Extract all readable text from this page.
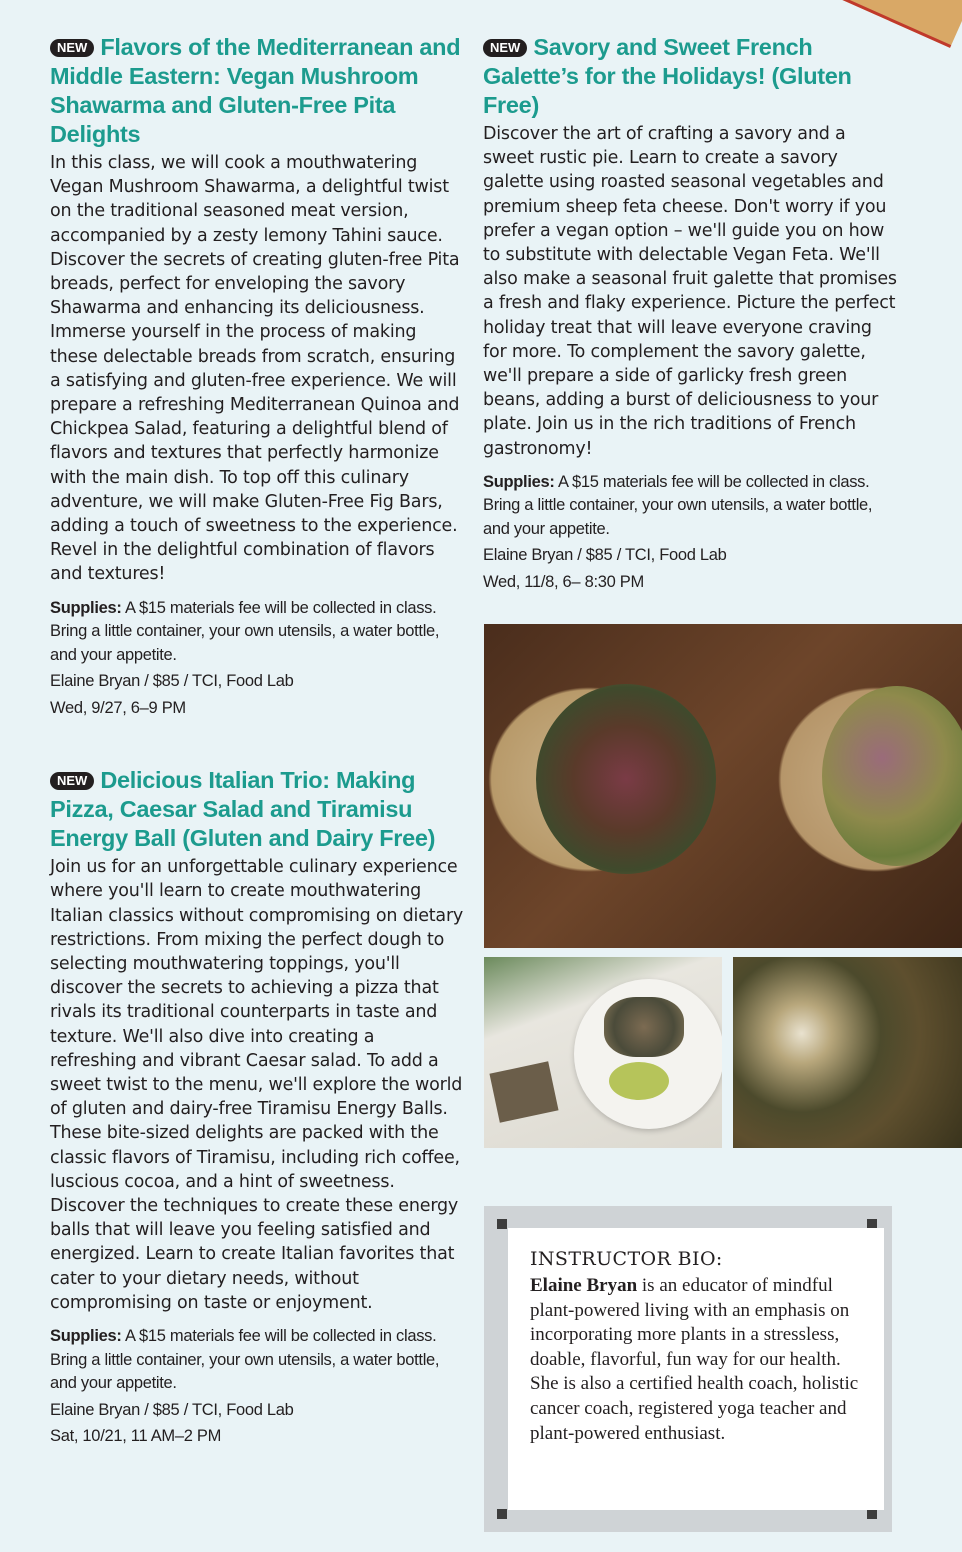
NEW Flavors of the Mediterranean and Middle Eastern: Vegan Mushroom Shawarma and Gluten-Free Pita Delights

In this class, we will cook a mouthwatering Vegan Mushroom Shawarma, a delightful twist on the traditional seasoned meat version, accompanied by a zesty lemony Tahini sauce. Discover the secrets of creating gluten-free Pita breads, perfect for enveloping the savory Shawarma and enhancing its deliciousness. Immerse yourself in the process of making these delectable breads from scratch, ensuring a satisfying and gluten-free experience. We will prepare a refreshing Mediterranean Quinoa and Chickpea Salad, featuring a delightful blend of flavors and textures that perfectly harmonize with the main dish. To top off this culinary adventure, we will make Gluten-Free Fig Bars, adding a touch of sweetness to the experience. Revel in the delightful combination of flavors and textures!

Supplies: A $15 materials fee will be collected in class. Bring a little container, your own utensils, a water bottle, and your appetite.

Elaine Bryan / $85 / TCI, Food Lab

Wed, 9/27, 6–9 PM

NEW Delicious Italian Trio: Making Pizza, Caesar Salad and Tiramisu Energy Ball (Gluten and Dairy Free)

Join us for an unforgettable culinary experience where you'll learn to create mouthwatering Italian classics without compromising on dietary restrictions. From mixing the perfect dough to selecting mouthwatering toppings, you'll discover the secrets to achieving a pizza that rivals its traditional counterparts in taste and texture. We'll also dive into creating a refreshing and vibrant Caesar salad. To add a sweet twist to the menu, we'll explore the world of gluten and dairy-free Tiramisu Energy Balls. These bite-sized delights are packed with the classic flavors of Tiramisu, including rich coffee, luscious cocoa, and a hint of sweetness. Discover the techniques to create these energy balls that will leave you feeling satisfied and energized. Learn to create Italian favorites that cater to your dietary needs, without compromising on taste or enjoyment.

Supplies: A $15 materials fee will be collected in class. Bring a little container, your own utensils, a water bottle, and your appetite.

Elaine Bryan / $85 / TCI, Food Lab

Sat, 10/21, 11 AM–2 PM

NEW Savory and Sweet French Galette’s for the Holidays! (Gluten Free)

Discover the art of crafting a savory and a sweet rustic pie. Learn to create a savory galette using roasted seasonal vegetables and premium sheep feta cheese. Don't worry if you prefer a vegan option – we'll guide you on how to substitute with delectable Vegan Feta. We'll also make a seasonal fruit galette that promises a fresh and flaky experience. Picture the perfect holiday treat that will leave everyone craving for more. To complement the savory galette, we'll prepare a side of garlicky fresh green beans, adding a burst of deliciousness to your plate. Join us in the rich traditions of French gastronomy!

Supplies: A $15 materials fee will be collected in class. Bring a little container, your own utensils, a water bottle, and your appetite.

Elaine Bryan / $85 / TCI, Food Lab

Wed, 11/8, 6– 8:30 PM

INSTRUCTOR BIO:

Elaine Bryan is an educator of mindful plant-powered living with an emphasis on incorporating more plants in a stressless, doable, flavorful, fun way for our health. She is also a certified health coach, holistic cancer coach, registered yoga teacher and plant-powered enthusiast.
